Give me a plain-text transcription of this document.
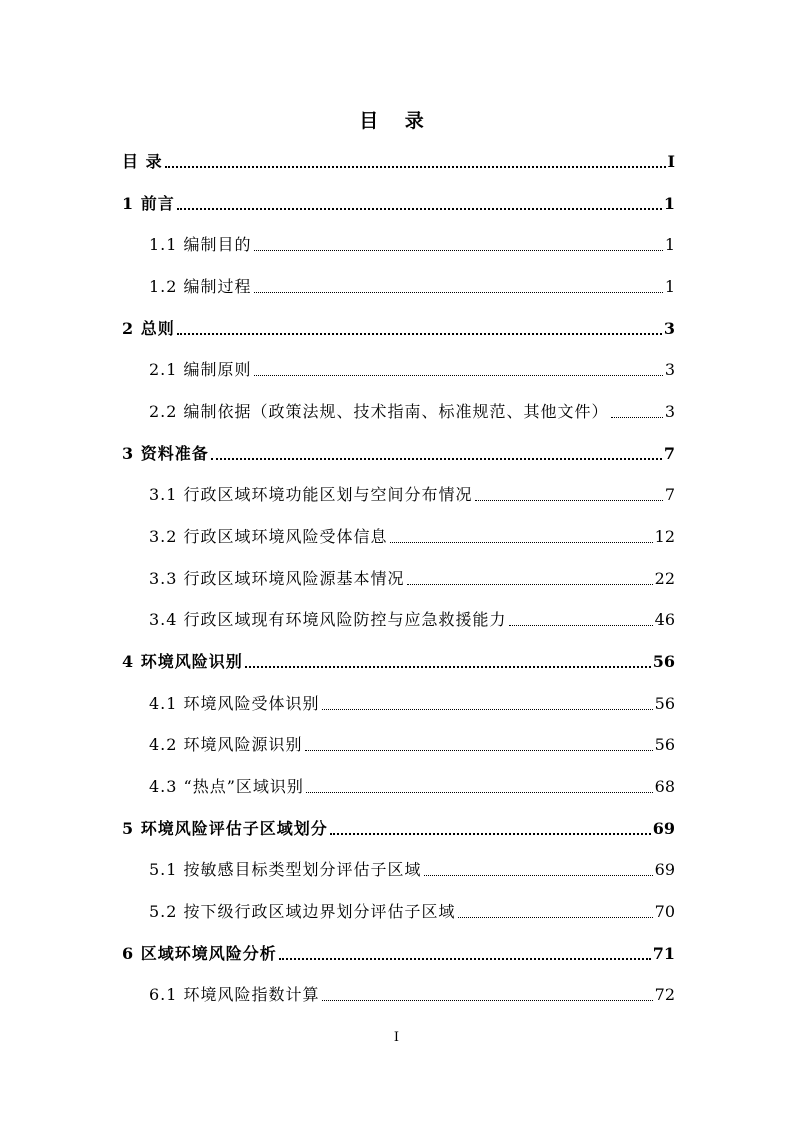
目 录
目 录	I
1 前言	1
1.1 编制目的	1
1.2 编制过程	1
2 总则	3
2.1 编制原则	3
2.2 编制依据（政策法规、技术指南、标准规范、其他文件）	3
3 资料准备	7
3.1 行政区域环境功能区划与空间分布情况	7
3.2 行政区域环境风险受体信息	12
3.3 行政区域环境风险源基本情况	22
3.4 行政区域现有环境风险防控与应急救援能力	46
4 环境风险识别	56
4.1 环境风险受体识别	56
4.2 环境风险源识别	56
4.3 “热点”区域识别	68
5 环境风险评估子区域划分	69
5.1 按敏感目标类型划分评估子区域	69
5.2 按下级行政区域边界划分评估子区域	70
6 区域环境风险分析	71
6.1 环境风险指数计算	72
I
